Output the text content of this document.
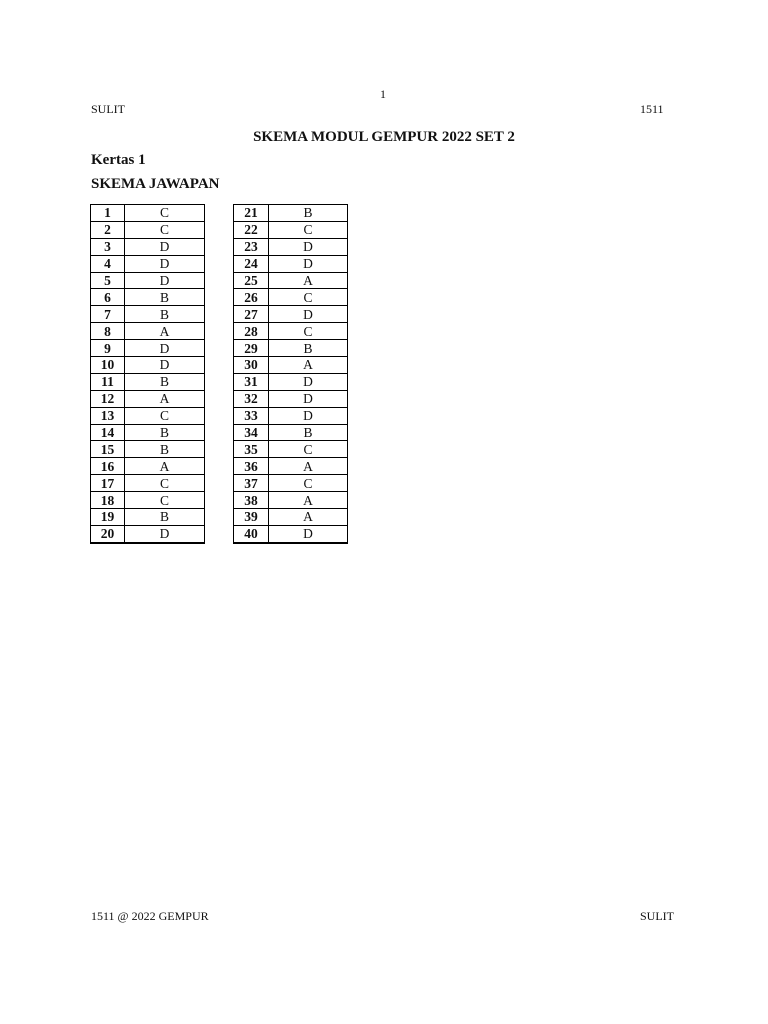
1
SULIT	1511
SKEMA MODUL GEMPUR 2022 SET 2
Kertas 1
SKEMA JAWAPAN
1	C
2	C
3	D
4	D
5	D
6	B
7	B
8	A
9	D
10	D
11	B
12	A
13	C
14	B
15	B
16	A
17	C
18	C
19	B
20	D
21	B
22	C
23	D
24	D
25	A
26	C
27	D
28	C
29	B
30	A
31	D
32	D
33	D
34	B
35	C
36	A
37	C
38	A
39	A
40	D
1511 @ 2022 GEMPUR	SULIT
